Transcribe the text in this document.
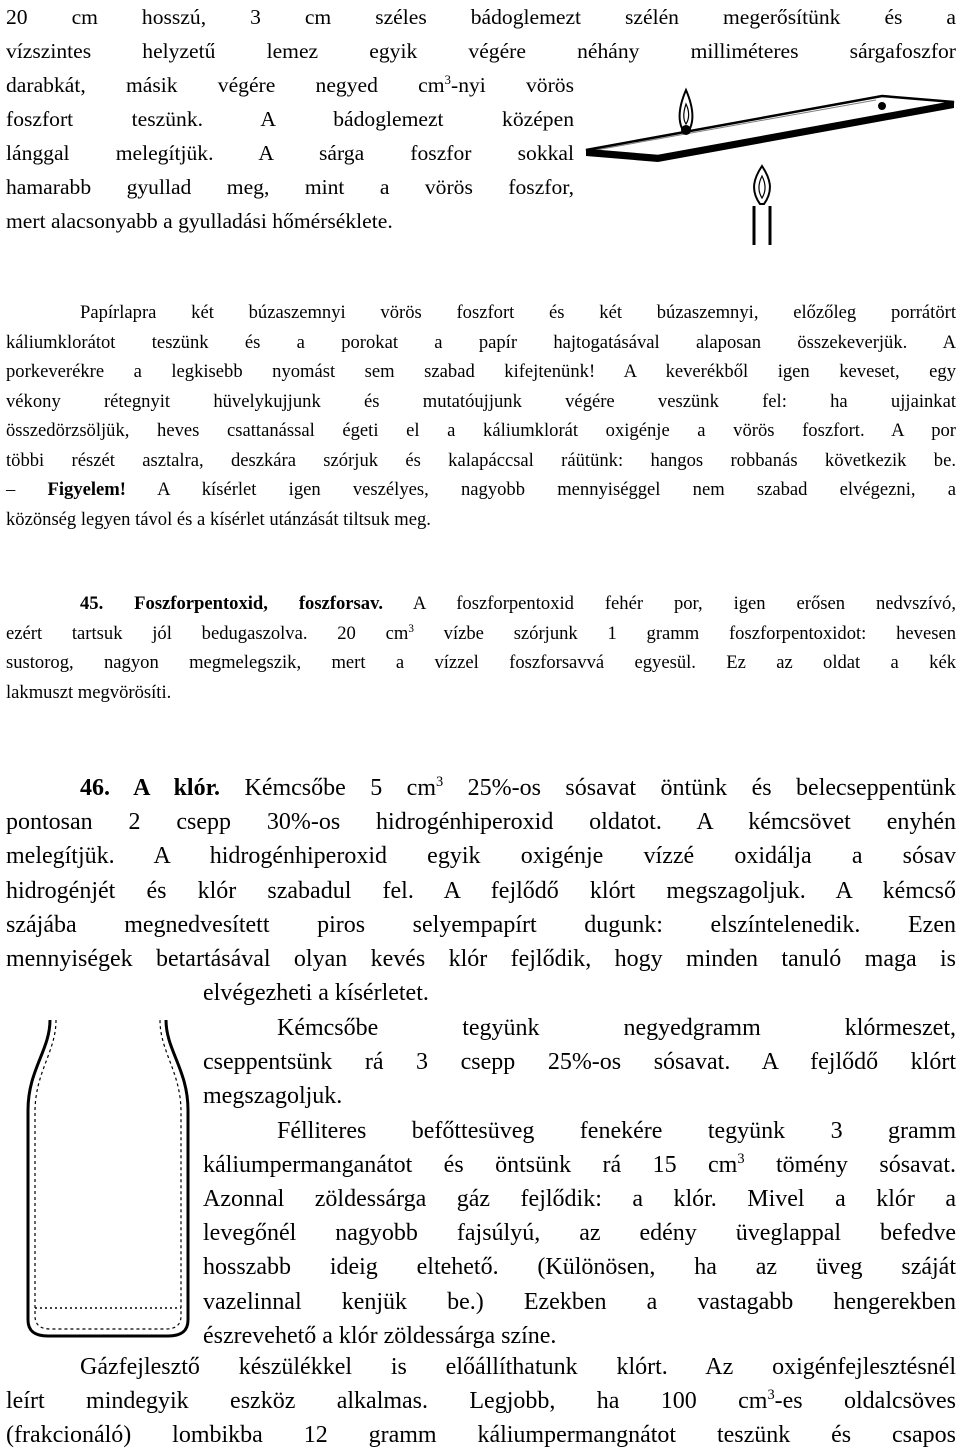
20 cm hosszú, 3 cm széles bádoglemezt szélén megerősítünk és a
vízszintes helyzetű lemez egyik végére néhány milliméteres sárgafoszfor
darabkát, másik végére negyed $cm^3$-nyi vörös
foszfort teszünk. A bádoglemezt középen
lánggal melegítjük. A sárga foszfor sokkal
hamarabb gyullad meg, mint a vörös foszfor,
mert alacsonyabb a gyulladási hőmérséklete.
Papírlapra két búzaszemnyi vörös foszfort és két búzaszemnyi, előzőleg porrátört
káliumklorátot teszünk és a porokat a papír hajtogatásával alaposan összekeverjük. A
porkeverékre a legkisebb nyomást sem szabad kifejtenünk! A keverékből igen keveset, egy
vékony rétegnyit hüvelykujjunk és mutatóujjunk végére veszünk fel: ha ujjainkat
összedörzsöljük, heves csattanással égeti el a káliumklorát oxigénje a vörös foszfort. A por
többi részét asztalra, deszkára szórjuk és kalapáccsal ráütünk: hangos robbanás következik be.
– Figyelem! A kísérlet igen veszélyes, nagyobb mennyiséggel nem szabad elvégezni, a
közönség legyen távol és a kísérlet utánzását tiltsuk meg.
45. Foszforpentoxid, foszforsav. A foszforpentoxid fehér por, igen erősen nedvszívó,
ezért tartsuk jól bedugaszolva. 20 $cm^3$ vízbe szórjunk 1 gramm foszforpentoxidot: hevesen
sustorog, nagyon megmelegszik, mert a vízzel foszforsavvá egyesül. Ez az oldat a kék
lakmuszt megvörösíti.
46. A klór. Kémcsőbe 5 $cm^3$ 25%-os sósavat öntünk és belecseppentünk
pontosan 2 csepp 30%-os hidrogénhiperoxid oldatot. A kémcsövet enyhén
melegítjük. A hidrogénhiperoxid egyik oxigénje vízzé oxidálja a sósav
hidrogénjét és klór szabadul fel. A fejlődő klórt megszagoljuk. A kémcső
szájába megnedvesített piros selyempapírt dugunk: elszíntelenedik. Ezen
mennyiségek betartásával olyan kevés klór fejlődik, hogy minden tanuló maga is
elvégezheti a kísérletet.
Kémcsőbe tegyünk negyedgramm klórmeszet,
cseppentsünk rá 3 csepp 25%-os sósavat. A fejlődő klórt
megszagoljuk.
Félliteres befőttesüveg fenekére tegyünk 3 gramm
káliumpermanganátot és öntsünk rá 15 $cm^3$ tömény sósavat.
Azonnal zöldessárga gáz fejlődik: a klór. Mivel a klór a
levegőnél nagyobb fajsúlyú, az edény üveglappal befedve
hosszabb ideig eltehető. (Különösen, ha az üveg száját
vazelinnal kenjük be.) Ezekben a vastagabb hengerekben
észrevehető a klór zöldessárga színe.
Gázfejlesztő készülékkel is előállíthatunk klórt. Az oxigénfejlesztésnél
leírt mindegyik eszköz alkalmas. Legjobb, ha 100 $cm^3-es$ oldalcsöves
(frakcionáló) lombikba 12 gramm káliumpermangnátot teszünk és csapos
